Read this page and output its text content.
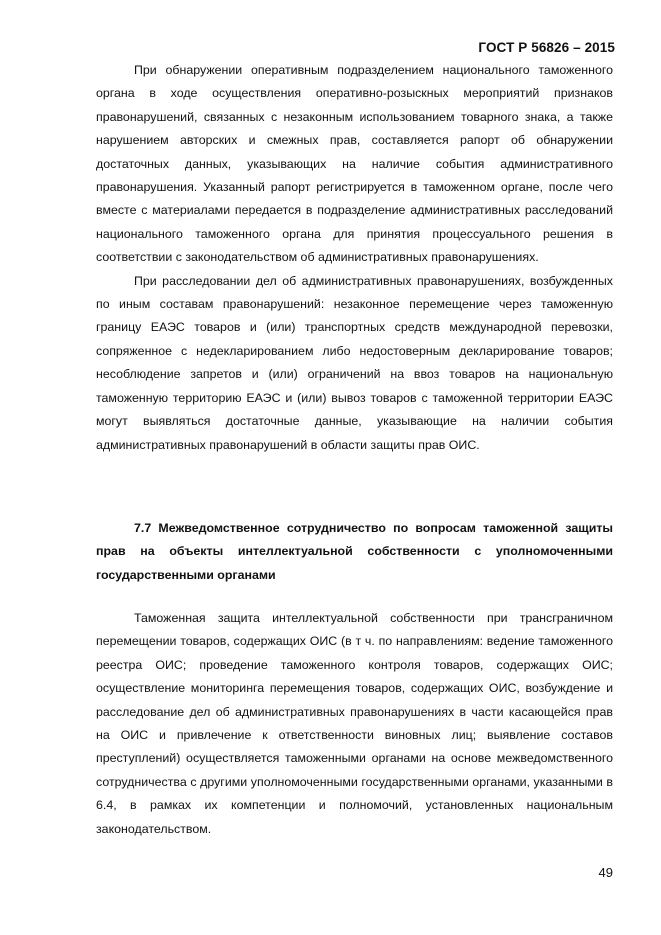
ГОСТ Р 56826 – 2015

При обнаружении оперативным подразделением национального таможенного органа в ходе осуществления оперативно-розыскных мероприятий признаков правонарушений, связанных с незаконным использованием товарного знака, а также нарушением авторских и смежных прав, составляется рапорт об обнаружении достаточных данных, указывающих на наличие события административного правонарушения. Указанный рапорт регистрируется в таможенном органе, после чего вместе с материалами передается в подразделение административных расследований национального таможенного органа для принятия процессуального решения в соответствии с законодательством об административных правонарушениях.

При расследовании дел об административных правонарушениях, возбужденных по иным составам правонарушений: незаконное перемещение через таможенную границу ЕАЭС товаров и (или) транспортных средств международной перевозки, сопряженное с недекларированием либо недостоверным декларирование товаров; несоблюдение запретов и (или) ограничений на ввоз товаров на национальную таможенную территорию ЕАЭС и (или) вывоз товаров с таможенной территории ЕАЭС могут выявляться достаточные данные, указывающие на наличии события административных правонарушений в области защиты прав ОИС.

7.7 Межведомственное сотрудничество по вопросам таможенной защиты прав на объекты интеллектуальной собственности с уполномоченными государственными органами

Таможенная защита интеллектуальной собственности при трансграничном перемещении товаров, содержащих ОИС (в т ч. по направлениям: ведение таможенного реестра ОИС; проведение таможенного контроля товаров, содержащих ОИС; осуществление мониторинга перемещения товаров, содержащих ОИС, возбуждение и расследование дел об административных правонарушениях в части касающейся прав на ОИС и привлечение к ответственности виновных лиц; выявление составов преступлений) осуществляется таможенными органами на основе межведомственного сотрудничества с другими уполномоченными государственными органами, указанными в 6.4, в рамках их компетенции и полномочий, установленных национальным законодательством.

49
